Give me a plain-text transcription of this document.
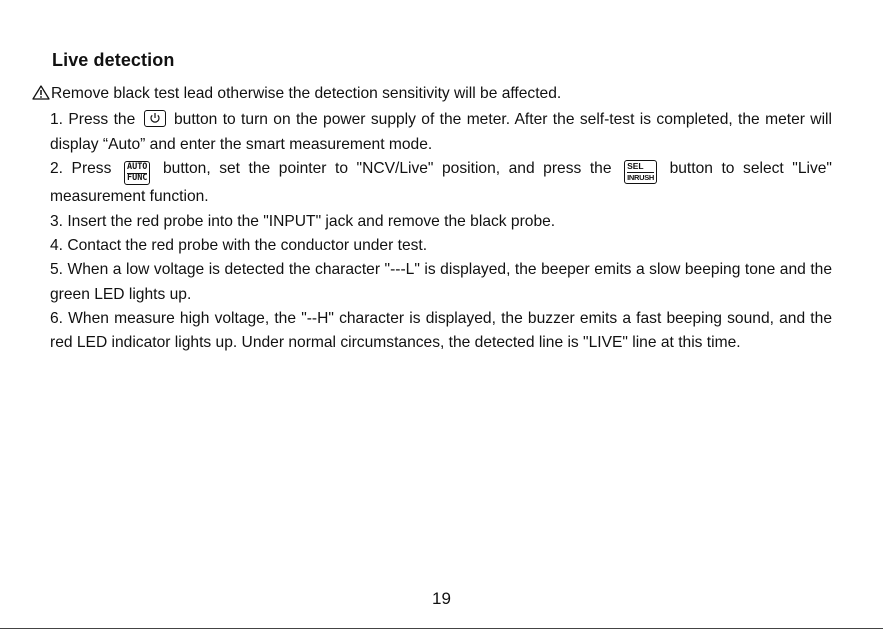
Live detection

Remove black test lead otherwise the detection sensitivity will be affected.

1. Press the button to turn on the power supply of the meter. After the self-test is completed, the meter will display “Auto” and enter the smart measurement mode.

2. Press AUTO
FUNC
button, set the pointer to "NCV/Live" position, and press the SEL
INRUSH
button to select "Live" measurement function.

3. Insert the red probe into the "INPUT" jack and remove the black probe.

4. Contact the red probe with the conductor under test.

5. When a low voltage is detected the character "---L" is displayed, the beeper emits a slow beeping tone and the green LED lights up.

6. When measure high voltage, the "--H" character is displayed, the buzzer emits a fast beeping sound, and the red LED indicator lights up. Under normal circumstances, the detected line is "LIVE" line at this time.

19
